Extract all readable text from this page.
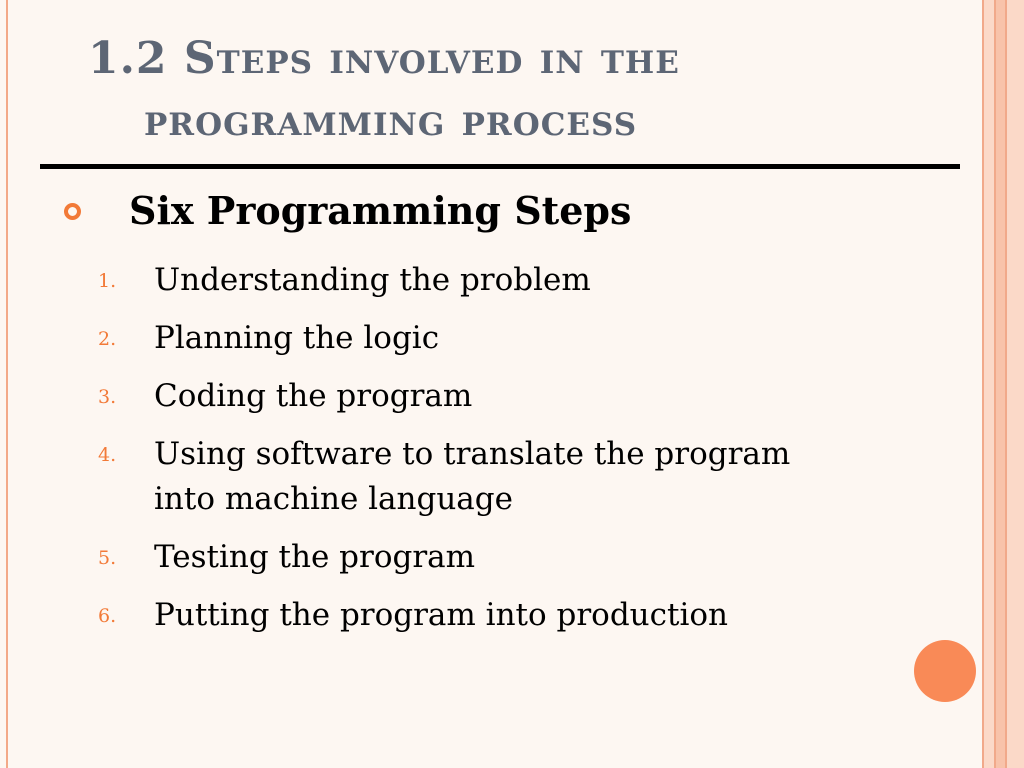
1.2 Steps involved in the
programming process
Six Programming Steps
1.	Understanding the problem
2.	Planning the logic
3.	Coding the program
4.	Using software to translate the program into machine language
5.	Testing the program
6.	Putting the program into production
